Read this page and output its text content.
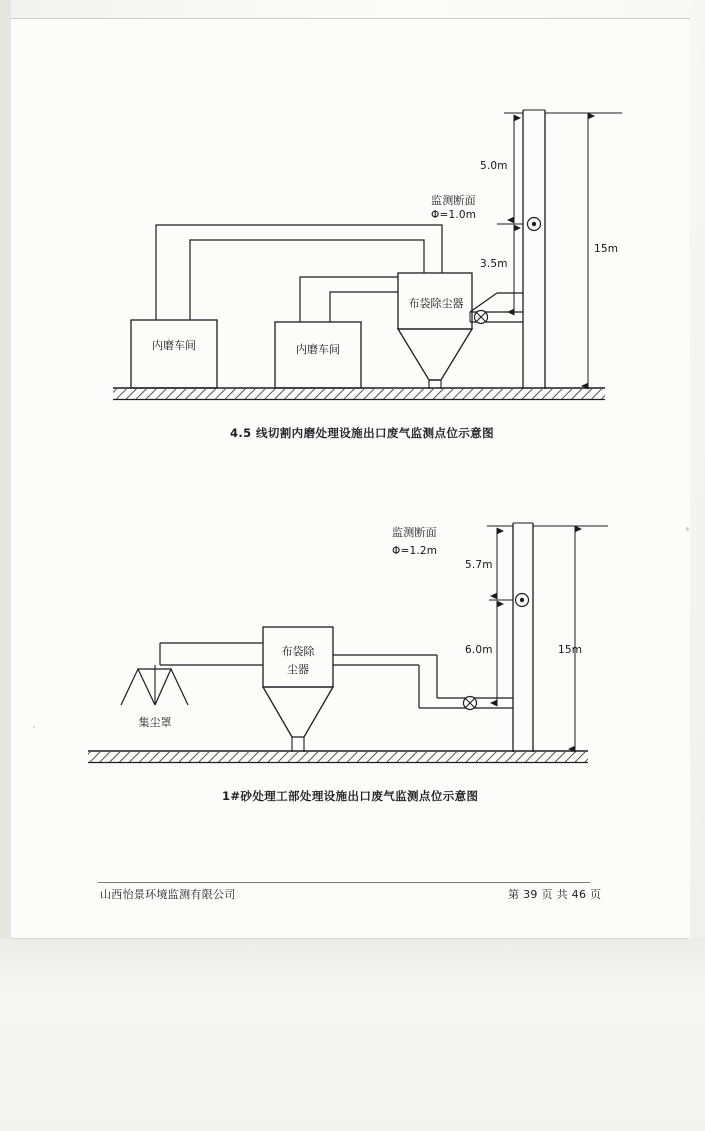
5.0m
监测断面
Φ=1.0m
3.5m
15m
布袋除尘器
内磨车间	内磨车间
4.5 线切割内磨处理设施出口废气监测点位示意图
监测断面
Φ=1.2m
5.7m
6.0m	15m
布袋除
尘器
集尘罩
1#砂处理工部处理设施出口废气监测点位示意图
山西怡景环境监测有限公司	第 39 页 共 46 页
